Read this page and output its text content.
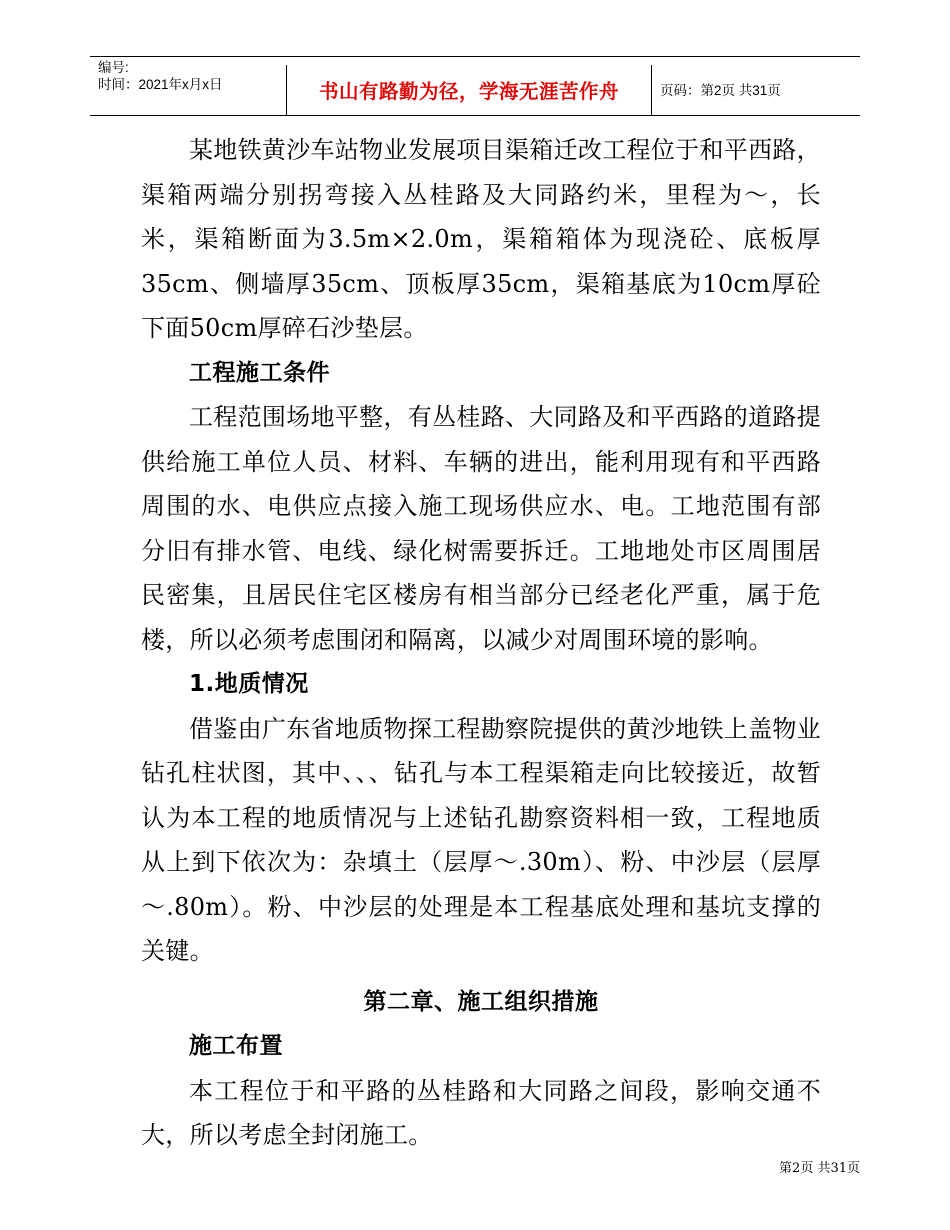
编号:
时间：2021年x月x日	书山有路勤为径，学海无涯苦作舟	页码：第2页 共31页

某地铁黄沙车站物业发展项目渠箱迁改工程位于和平西路，渠箱两端分别拐弯接入丛桂路及大同路约米，里程为～，长米，渠箱断面为3.5m×2.0m，渠箱箱体为现浇砼、底板厚35cm、侧墙厚35cm、顶板厚35cm，渠箱基底为10cm厚砼下面50cm厚碎石沙垫层。

工程施工条件

工程范围场地平整，有丛桂路、大同路及和平西路的道路提供给施工单位人员、材料、车辆的进出，能利用现有和平西路周围的水、电供应点接入施工现场供应水、电。工地范围有部分旧有排水管、电线、绿化树需要拆迁。工地地处市区周围居民密集，且居民住宅区楼房有相当部分已经老化严重，属于危楼，所以必须考虑围闭和隔离，以减少对周围环境的影响。

1.地质情况

借鉴由广东省地质物探工程勘察院提供的黄沙地铁上盖物业钻孔柱状图，其中、、、钻孔与本工程渠箱走向比较接近，故暂认为本工程的地质情况与上述钻孔勘察资料相一致，工程地质从上到下依次为：杂填土（层厚～.30m）、粉、中沙层（层厚～.80m）。粉、中沙层的处理是本工程基底处理和基坑支撑的关键。

第二章、施工组织措施

施工布置

本工程位于和平路的丛桂路和大同路之间段，影响交通不大，所以考虑全封闭施工。

第2页 共31页
